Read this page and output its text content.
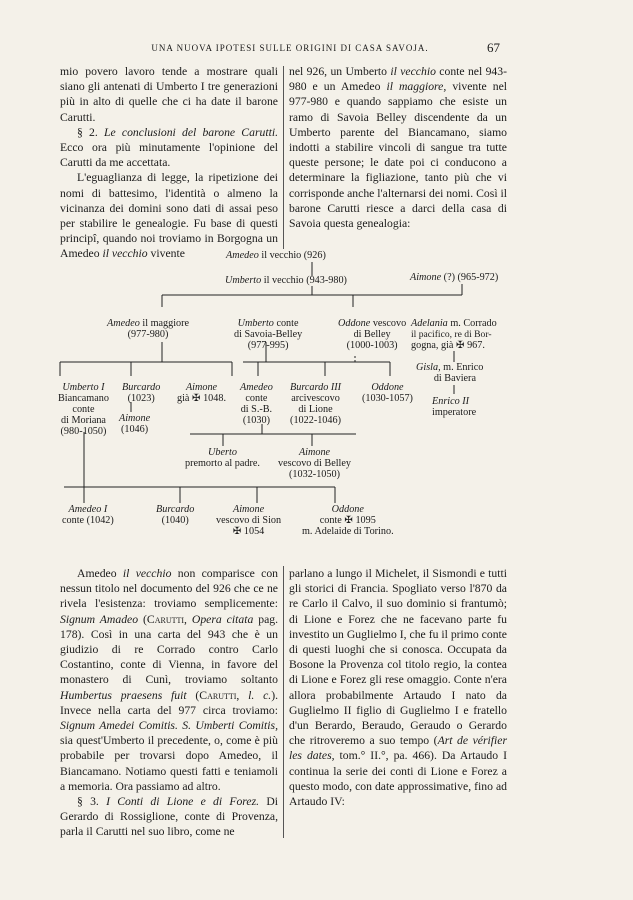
UNA NUOVA IPOTESI SULLE ORIGINI DI CASA SAVOJA.	67

mio povero lavoro tende a mostrare quali siano gli antenati di Umberto I tre generazioni più in alto di quelle che ci ha date il barone Carutti.

§ 2. Le conclusioni del barone Carutti. Ecco ora più minutamente l'opinione del Carutti da me accettata.

L'eguaglianza di legge, la ripetizione dei nomi di battesimo, l'identità o almeno la vicinanza dei domini sono dati di assai peso per stabilire le genealogie. Fu base di questi principî, quando noi troviamo in Borgogna un Amedeo il vecchio vivente

nel 926, un Umberto il vecchio conte nel 943-980 e un Amedeo il maggiore, vivente nel 977-980 e quando sappiamo che esiste un ramo di Savoia Belley discendente da un Umberto parente del Biancamano, siamo indotti a stabilire vincoli di sangue tra tutte queste persone; le date poi ci conducono a determinare la figliazione, tanto più che vi corrisponde anche l'alternarsi dei nomi. Così il barone Carutti riesce a darci della casa di Savoia questa genealogia:

Amedeo il vecchio (926)
Umberto il vecchio (943-980)	Aimone (?) (965-972)
Amedeo il maggiore
(977-980)
Umberto conte
di Savoia-Belley
(977-995)
Oddone vescovo
di Belley
(1000-1003)
Adelania m. Corrado
il pacifico, re di Bor-
gogna, già ✠ 967.
Umberto I
Biancamano
conte
di Moriana
(980-1050)
Burcardo
(1023)
Aimone
(1046)
Aimone
già ✠ 1048.
Amedeo
conte
di S.-B.
(1030)
Burcardo III
arcivescovo
di Lione
(1022-1046)
Oddone
(1030-1057)
Gisla, m. Enrico
di Baviera
Enrico II
imperatore
Uberto
premorto al padre.
Aimone
vescovo di Belley
(1032-1050)
Amedeo I
conte (1042)
Burcardo
(1040)
Aimone
vescovo di Sion
✠ 1054
Oddone
conte ✠ 1095
m. Adelaide di Torino.

Amedeo il vecchio non comparisce con nessun titolo nel documento del 926 che ce ne rivela l'esistenza: troviamo semplicemente: Signum Amadeo (Carutti, Opera citata pag. 178). Così in una carta del 943 che è un giudizio di re Corrado contro Carlo Costantino, conte di Vienna, in favore del monastero di Cunì, troviamo soltanto Humbertus praesens fuit (Carutti, l. c.). Invece nella carta del 977 circa troviamo: Signum Amedei Comitis. S. Umberti Comitis, sia quest'Umberto il precedente, o, come è più probabile per trovarsi dopo Amedeo, il Biancamano. Notiamo questi fatti e teniamoli a memoria. Ora passiamo ad altro.

§ 3. I Conti di Lione e di Forez. Di Gerardo di Rossiglione, conte di Provenza, parla il Carutti nel suo libro, come ne

parlano a lungo il Michelet, il Sismondi e tutti gli storici di Francia. Spogliato verso l'870 da re Carlo il Calvo, il suo dominio si frantumò; di Lione e Forez che ne facevano parte fu investito un Guglielmo I, che fu il primo conte di questi luoghi che si conosca. Occupata da Bosone la Provenza col titolo regio, la contea di Lione e Forez gli rese omaggio. Conte n'era allora probabilmente Artaudo I nato da Guglielmo II figlio di Guglielmo I e fratello d'un Berardo, Beraudo, Geraudo o Gerardo che ritroveremo a suo tempo (Art de vérifier les dates, tom.° II.°, pa. 466). Da Artaudo I continua la serie dei conti di Lione e Forez a questo modo, con date approssimative, fino ad Artaudo IV:
